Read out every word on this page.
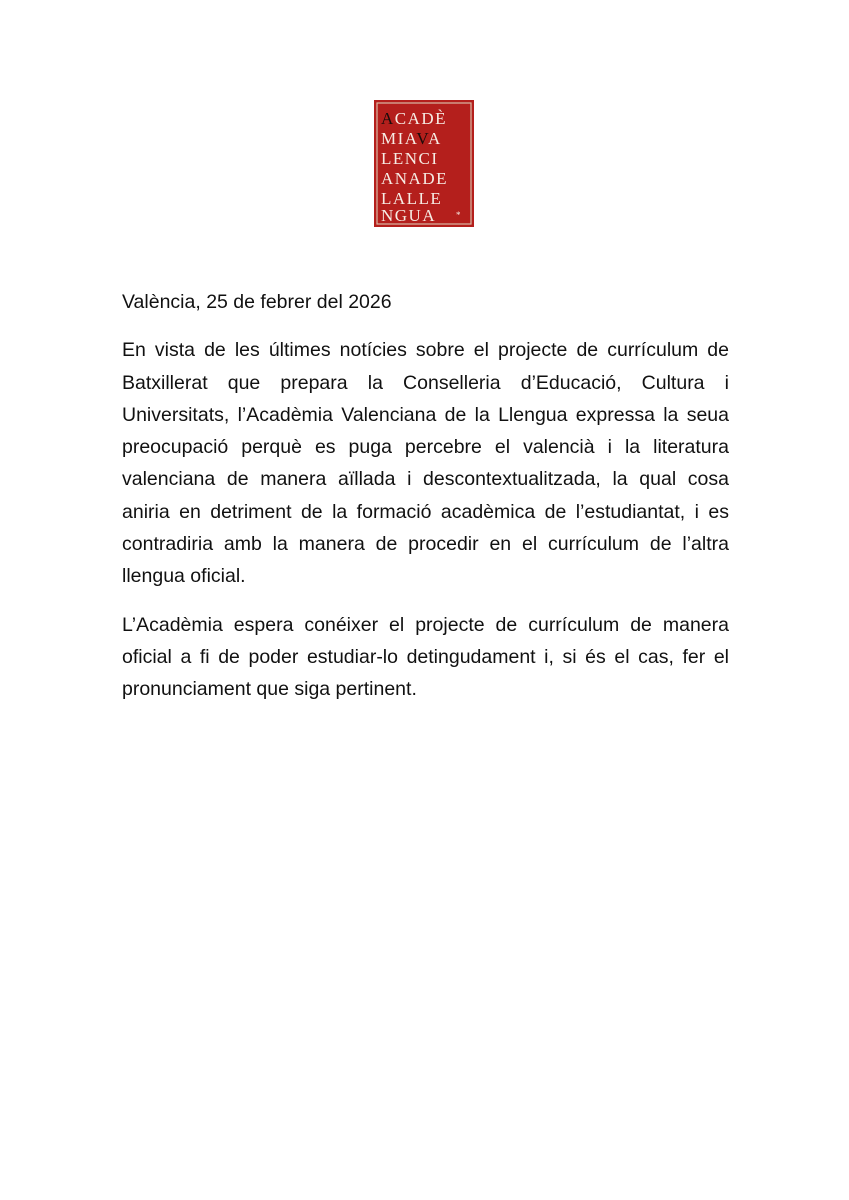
ACADÈ
MIAVA
LENCI
ANADE
LALLE
NGUA *

València, 25 de febrer del 2026

En vista de les últimes notícies sobre el projecte de currículum de Batxillerat que prepara la Conselleria d’Educació, Cultura i Universitats, l’Acadèmia Valenciana de la Llengua expressa la seua preocupació perquè es puga percebre el valencià i la literatura valenciana de manera aïllada i descontextualitzada, la qual cosa aniria en detriment de la formació acadèmica de l’estudiantat, i es contradiria amb la manera de procedir en el currículum de l’altra llengua oficial.

L’Acadèmia espera conéixer el projecte de currículum de manera oficial a fi de poder estudiar-lo detingudament i, si és el cas, fer el pronunciament que siga pertinent.
